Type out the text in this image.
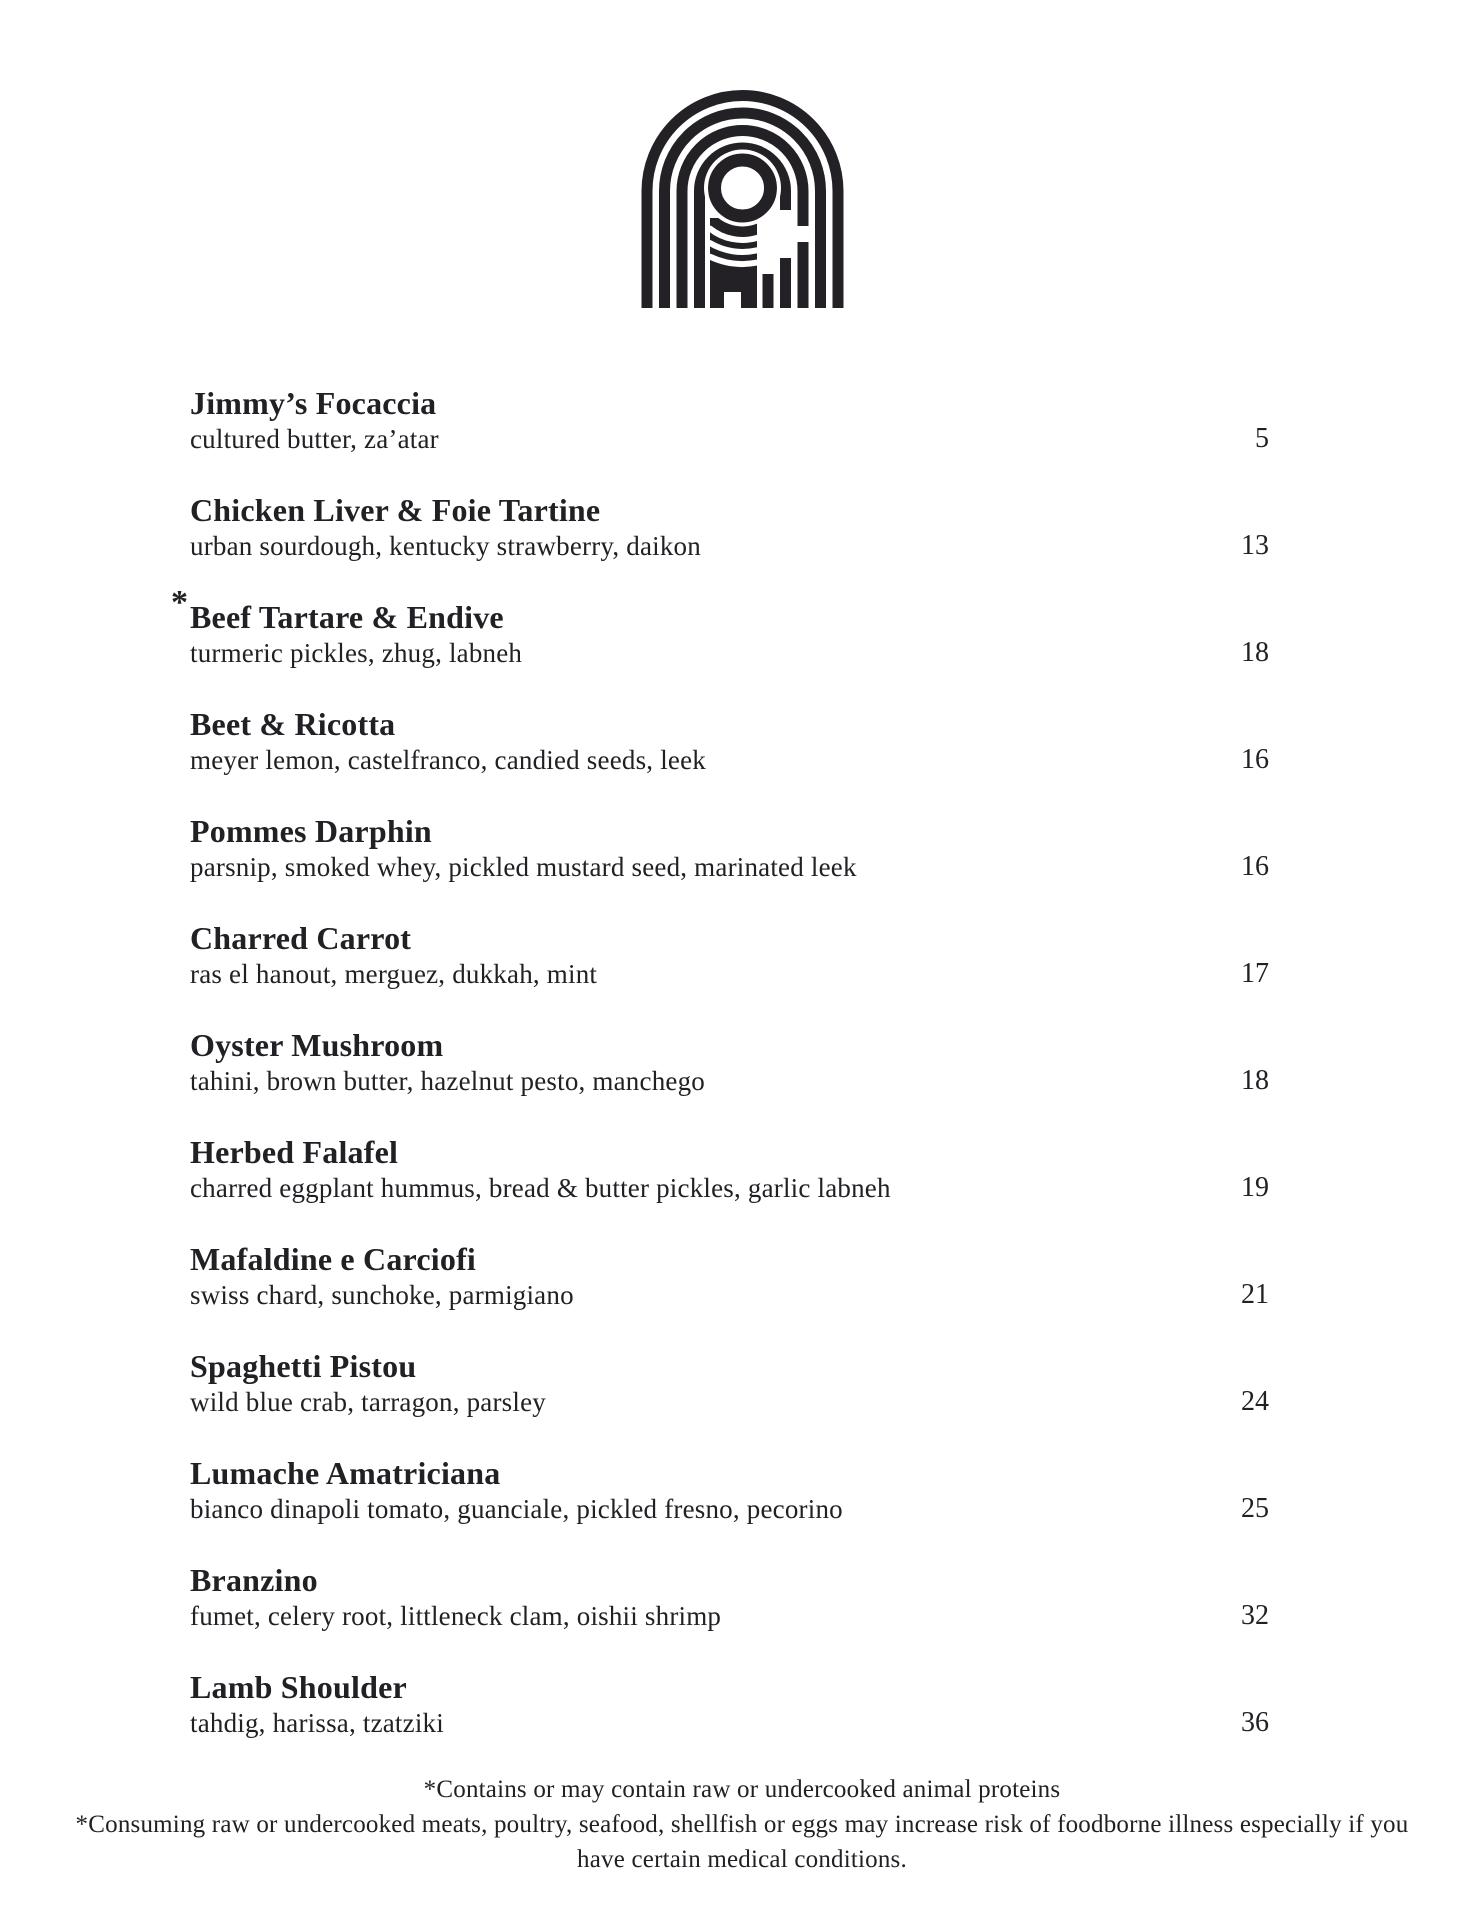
Jimmy’s Focaccia
cultured butter, za’atar	5
Chicken Liver & Foie Tartine
urban sourdough, kentucky strawberry, daikon	13
*Beef Tartare & Endive
turmeric pickles, zhug, labneh	18
Beet & Ricotta
meyer lemon, castelfranco, candied seeds, leek	16
Pommes Darphin
parsnip, smoked whey, pickled mustard seed, marinated leek	16
Charred Carrot
ras el hanout, merguez, dukkah, mint	17
Oyster Mushroom
tahini, brown butter, hazelnut pesto, manchego	18
Herbed Falafel
charred eggplant hummus, bread & butter pickles, garlic labneh	19
Mafaldine e Carciofi
swiss chard, sunchoke, parmigiano	21
Spaghetti Pistou
wild blue crab, tarragon, parsley	24
Lumache Amatriciana
bianco dinapoli tomato, guanciale, pickled fresno, pecorino	25
Branzino
fumet, celery root, littleneck clam, oishii shrimp	32
Lamb Shoulder
tahdig, harissa, tzatziki	36

*Contains or may contain raw or undercooked animal proteins

*Consuming raw or undercooked meats, poultry, seafood, shellfish or eggs may increase risk of foodborne illness especially if you have certain medical conditions.
